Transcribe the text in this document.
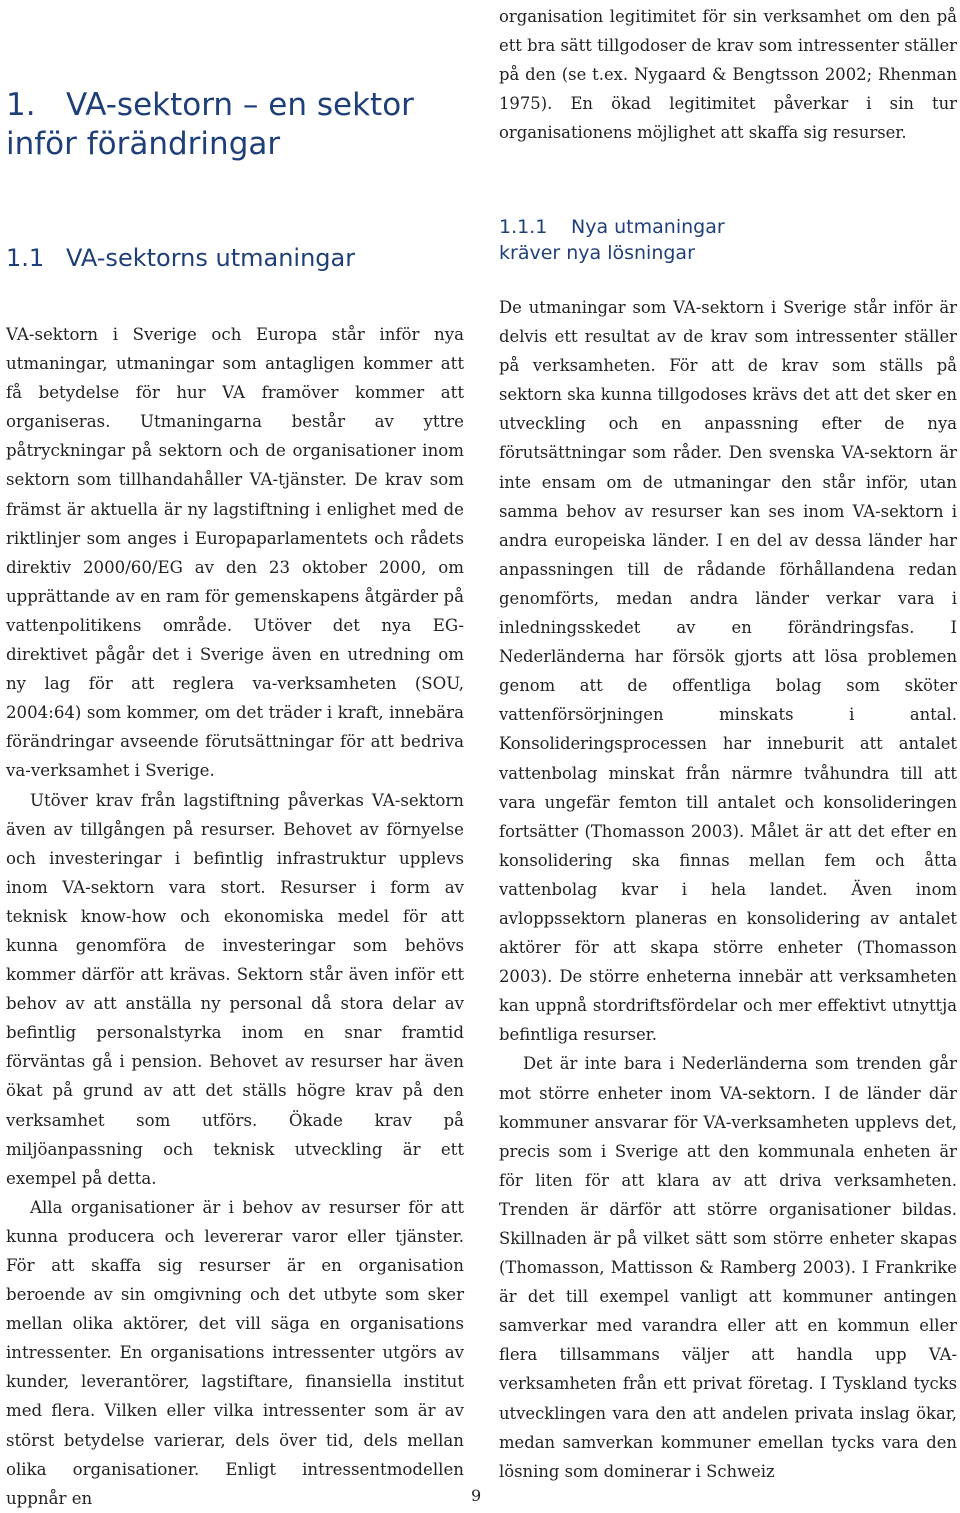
organisation legitimitet för sin verksamhet om den på ett bra sätt tillgodoser de krav som intressenter ställer på den (se t.ex. Nygaard & Bengtsson 2002; Rhenman 1975). En ökad legitimitet påverkar i sin tur organisationens möjlighet att skaffa sig resurser.

1. VA-sektorn – en sektor inför förändringar
1.1 VA-sektorns utmaningar
1.1.1 Nya utmaningar
kräver nya lösningar

VA-sektorn i Sverige och Europa står inför nya utmaningar, utmaningar som antagligen kommer att få betydelse för hur VA framöver kommer att organiseras. Utmaningarna består av yttre påtryckningar på sektorn och de organisationer inom sektorn som tillhandahåller VA-tjänster. De krav som främst är aktuella är ny lagstiftning i enlighet med de riktlinjer som anges i Europaparlamentets och rådets direktiv 2000/60/EG av den 23 oktober 2000, om upprättande av en ram för gemenskapens åtgärder på vattenpolitikens område. Utöver det nya EG-direktivet pågår det i Sverige även en utredning om ny lag för att reglera va-verksamheten (SOU, 2004:64) som kommer, om det träder i kraft, innebära förändringar avseende förutsättningar för att bedriva va-verksamhet i Sverige.

Utöver krav från lagstiftning påverkas VA-sektorn även av tillgången på resurser. Behovet av förnyelse och investeringar i befintlig infrastruktur upplevs inom VA-sektorn vara stort. Resurser i form av teknisk know-how och ekonomiska medel för att kunna genomföra de investeringar som behövs kommer därför att krävas. Sektorn står även inför ett behov av att anställa ny personal då stora delar av befintlig personalstyrka inom en snar framtid förväntas gå i pension. Behovet av resurser har även ökat på grund av att det ställs högre krav på den verksamhet som utförs. Ökade krav på miljöanpassning och teknisk utveckling är ett exempel på detta.

Alla organisationer är i behov av resurser för att kunna producera och levererar varor eller tjänster. För att skaffa sig resurser är en organisation beroende av sin omgivning och det utbyte som sker mellan olika aktörer, det vill säga en organisations intressenter. En organisations intressenter utgörs av kunder, leverantörer, lagstiftare, finansiella institut med flera. Vilken eller vilka intressenter som är av störst betydelse varierar, dels över tid, dels mellan olika organisationer. Enligt intressentmodellen uppnår en

De utmaningar som VA-sektorn i Sverige står inför är delvis ett resultat av de krav som intressenter ställer på verksamheten. För att de krav som ställs på sektorn ska kunna tillgodoses krävs det att det sker en utveckling och en anpassning efter de nya förutsättningar som råder. Den svenska VA-sektorn är inte ensam om de utmaningar den står inför, utan samma behov av resurser kan ses inom VA-sektorn i andra europeiska länder. I en del av dessa länder har anpassningen till de rådande förhållandena redan genomförts, medan andra länder verkar vara i inledningsskedet av en förändringsfas. I Nederländerna har försök gjorts att lösa problemen genom att de offentliga bolag som sköter vattenförsörjningen minskats i antal. Konsolideringsprocessen har inneburit att antalet vattenbolag minskat från närmre tvåhundra till att vara ungefär femton till antalet och konsolideringen fortsätter (Thomasson 2003). Målet är att det efter en konsolidering ska finnas mellan fem och åtta vattenbolag kvar i hela landet. Även inom avloppssektorn planeras en konsolidering av antalet aktörer för att skapa större enheter (Thomasson 2003). De större enheterna innebär att verksamheten kan uppnå stordriftsfördelar och mer effektivt utnyttja befintliga resurser.

Det är inte bara i Nederländerna som trenden går mot större enheter inom VA-sektorn. I de länder där kommuner ansvarar för VA-verksamheten upplevs det, precis som i Sverige att den kommunala enheten är för liten för att klara av att driva verksamheten. Trenden är därför att större organisationer bildas. Skillnaden är på vilket sätt som större enheter skapas (Thomasson, Mattisson & Ramberg 2003). I Frankrike är det till exempel vanligt att kommuner antingen samverkar med varandra eller att en kommun eller flera tillsammans väljer att handla upp VA-verksamheten från ett privat företag. I Tyskland tycks utvecklingen vara den att andelen privata inslag ökar, medan samverkan kommuner emellan tycks vara den lösning som dominerar i Schweiz

9
